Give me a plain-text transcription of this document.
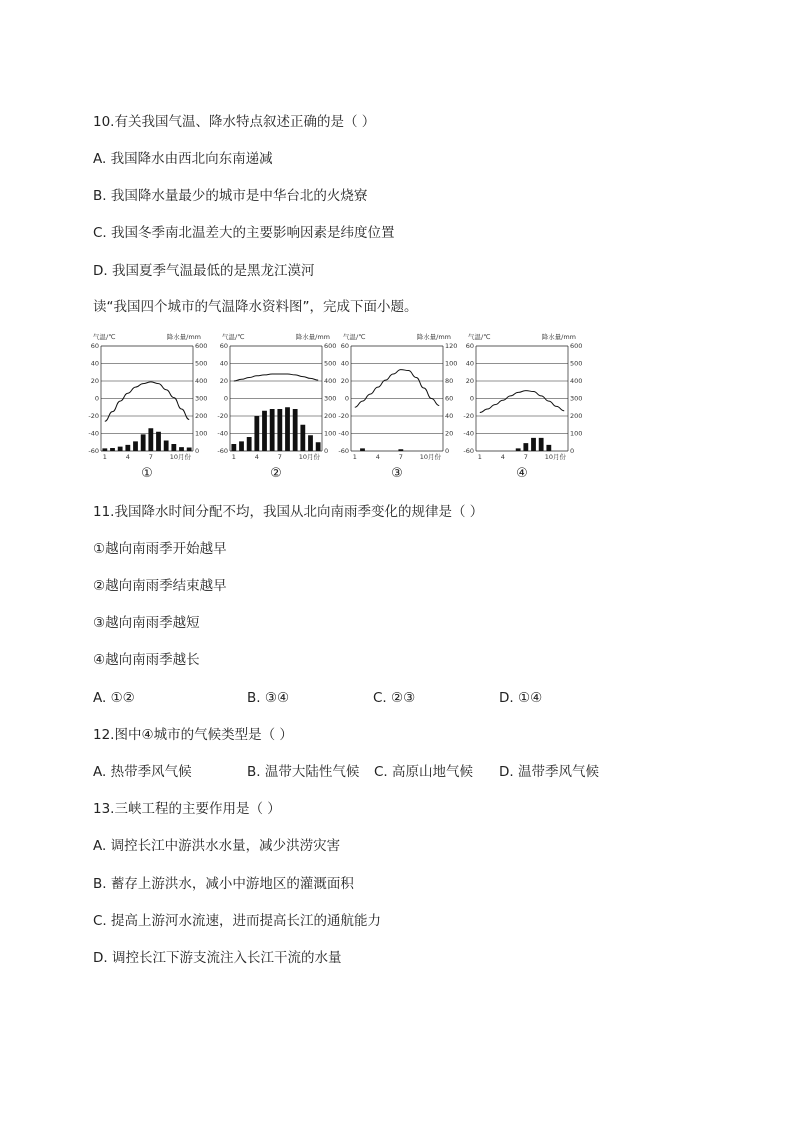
10.有关我国气温、降水特点叙述正确的是（ ）
A. 我国降水由西北向东南递减
B. 我国降水量最少的城市是中华台北的火烧寮
C. 我国冬季南北温差大的主要影响因素是纬度位置
D. 我国夏季气温最低的是黑龙江漠河
读“我国四个城市的气温降水资料图”，完成下面小题。
气温/℃	降水量/mm
-60	0
-40	100
-20	200
0	300
20	400
40	500
60	600
1	4	7	10 月份
①
气温/℃	降水量/mm
-60	0
-40	100
-20	200
0	300
20	400
40	500
60	600
1	4	7	10 月份
②
气温/℃	降水量/mm
-60	0
-40	20
-20	40
0	60
20	80
40	100
60	120
1	4	7	10 月份
③
气温/℃	降水量/mm
-60	0
-40	100
-20	200
0	300
20	400
40	500
60	600
1	4	7	10 月份
④
11.我国降水时间分配不均，我国从北向南雨季变化的规律是（ ）
①越向南雨季开始越早
②越向南雨季结束越早
③越向南雨季越短
④越向南雨季越长
A. ①②	B. ③④	C. ②③	D. ①④
12.图中④城市的气候类型是（ ）
A. 热带季风气候	B. 温带大陆性气候 C. 高原山地气候 D. 温带季风气候
13.三峡工程的主要作用是（ ）
A. 调控长江中游洪水水量，减少洪涝灾害
B. 蓄存上游洪水，减小中游地区的灌溉面积
C. 提高上游河水流速，进而提高长江的通航能力
D. 调控长江下游支流注入长江干流的水量
